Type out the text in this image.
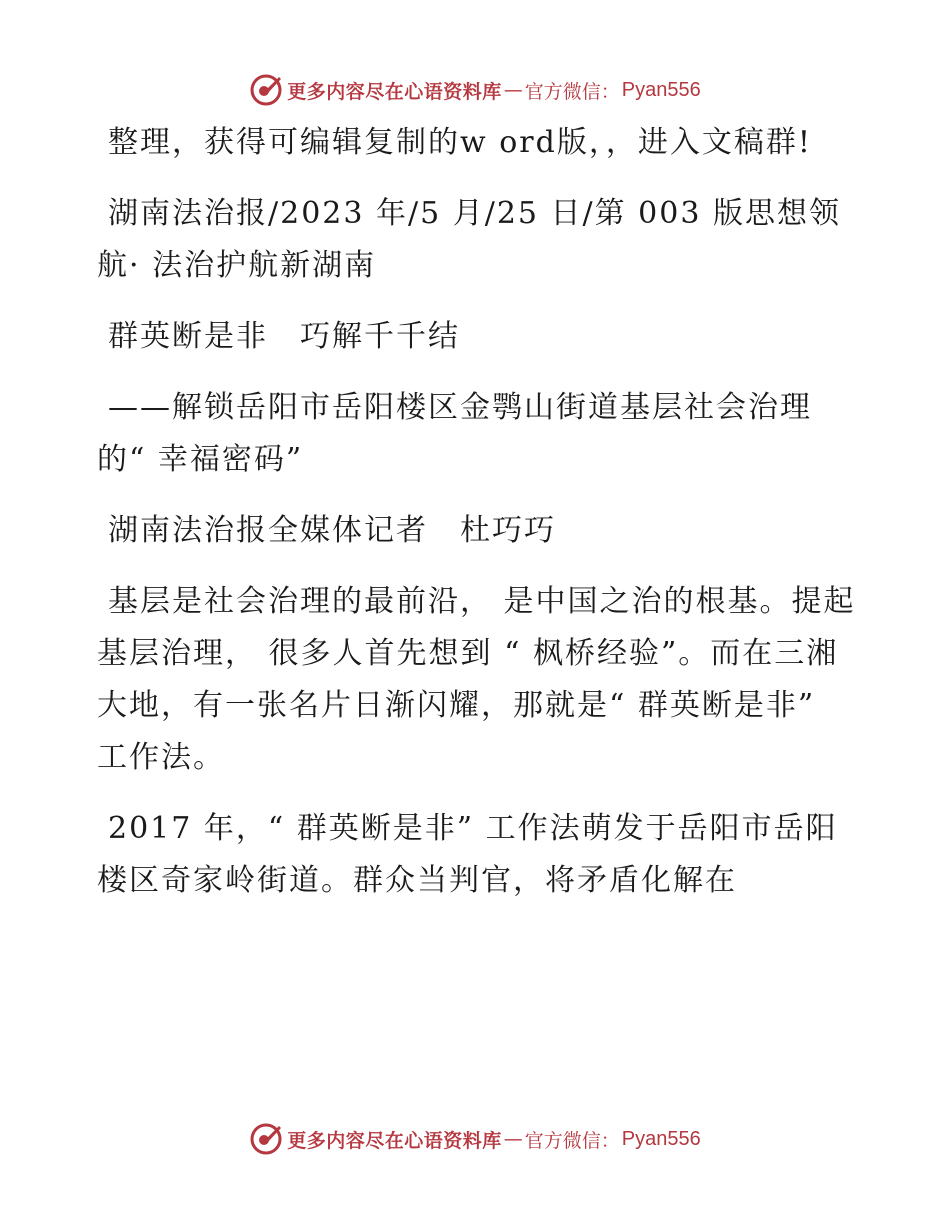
更多内容尽在心语资料库 — 官方微信： Pyan556

整理，获得可编辑复制的w ord版，，进入文稿群!

湖南法治报/2023 年/5 月/25 日/第 003 版思想领航· 法治护航新湖南

群英断是非　巧解千千结

——解锁岳阳市岳阳楼区金鹗山街道基层社会治理的“ 幸福密码”

湖南法治报全媒体记者　杜巧巧

基层是社会治理的最前沿， 是中国之治的根基。提起基层治理， 很多人首先想到 “ 枫桥经验”。而在三湘大地，有一张名片日渐闪耀，那就是“ 群英断是非” 工作法。

2017 年，“ 群英断是非” 工作法萌发于岳阳市岳阳楼区奇家岭街道。群众当判官，将矛盾化解在

更多内容尽在心语资料库 — 官方微信： Pyan556
